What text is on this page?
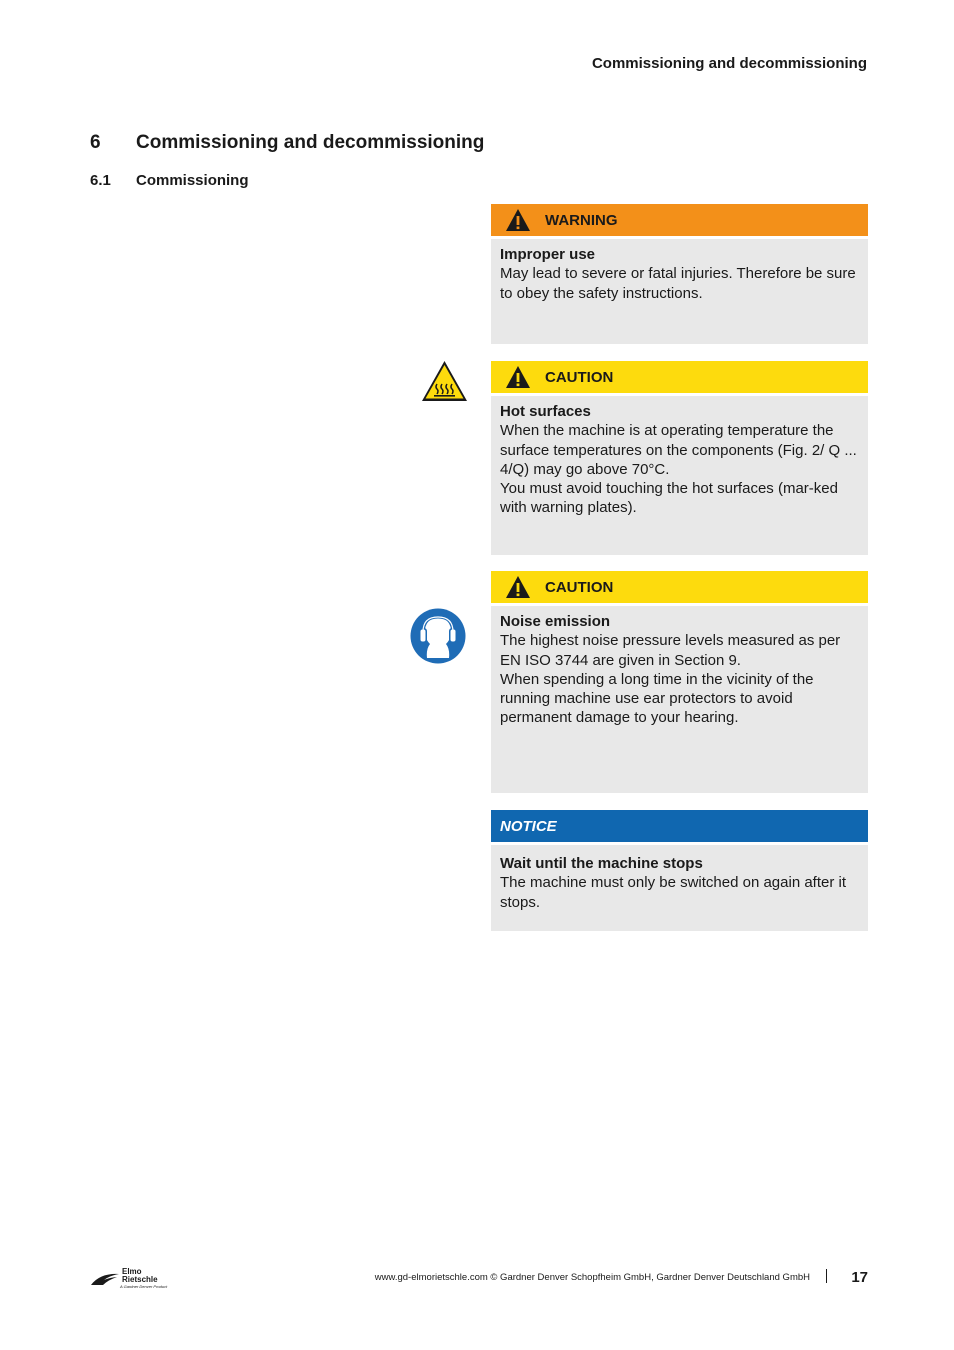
Commissioning and decommissioning
6	Commissioning and decommissioning
6.1	Commissioning
WARNING
Improper use

May lead to severe or fatal injuries. Therefore be sure to obey the safety instructions.

CAUTION
Hot surfaces

When the machine is at operating temperature the surface temperatures on the components (Fig. 2/ Q ... 4/Q) may go above 70°C.

You must avoid touching the hot surfaces (mar-ked with warning plates).

CAUTION
Noise emission

The highest noise pressure levels measured as per EN ISO 3744 are given in Section 9.

When spending a long time in the vicinity of the running machine use ear protectors to avoid permanent damage to your hearing.

NOTICE
Wait until the machine stops

The machine must only be switched on again after it stops.

Elmo
Rietschle
A Gardner Denver Product
www.gd-elmorietschle.com © Gardner Denver Schopfheim GmbH, Gardner Denver Deutschland GmbH	17
